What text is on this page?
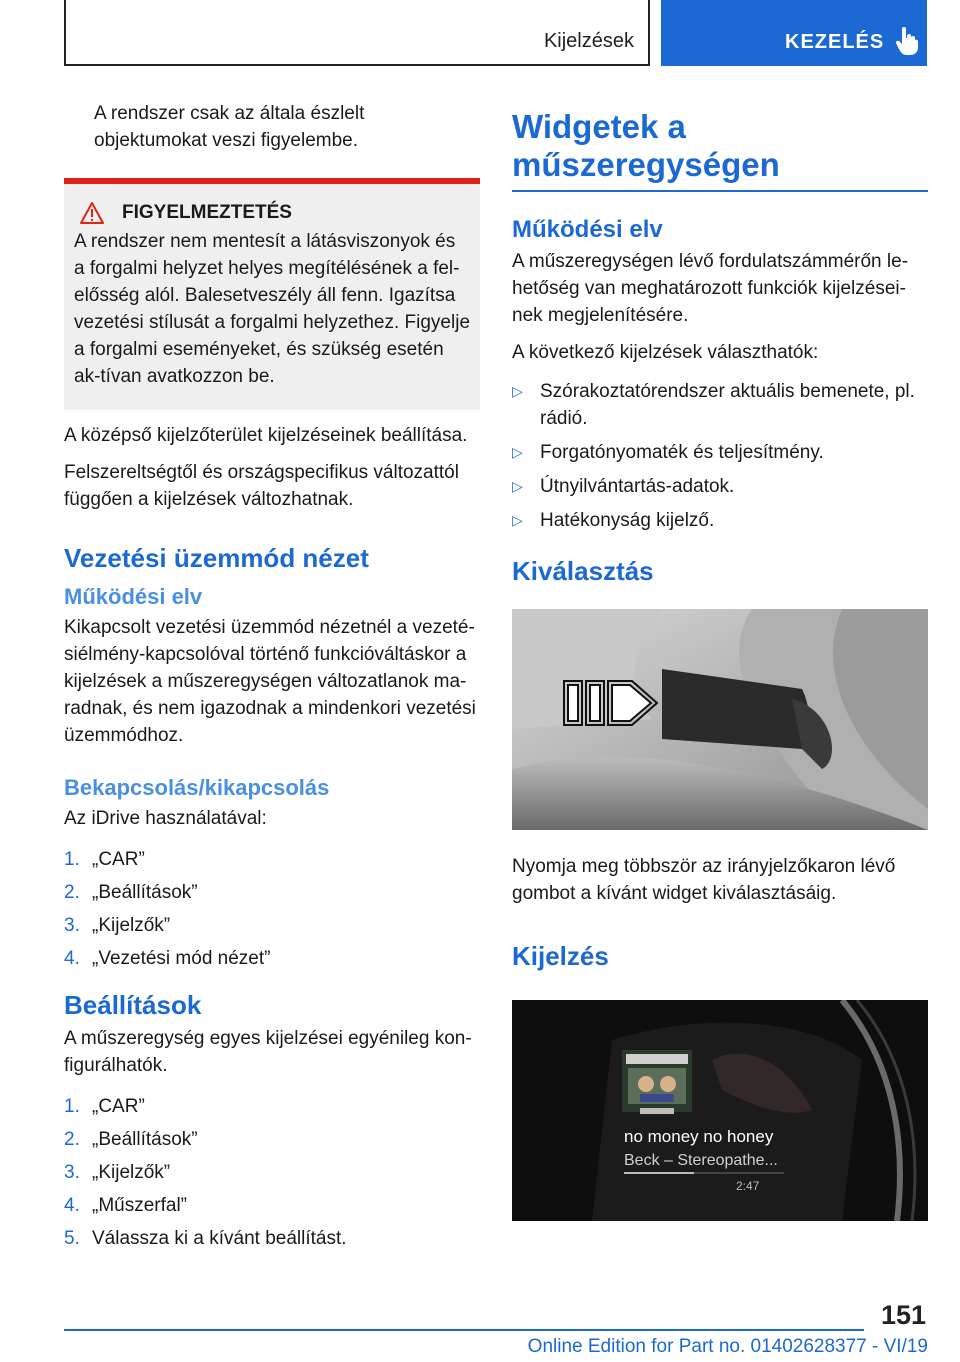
Kijelzések	KEZELÉS

A rendszer csak az általa észlelt objektumokat veszi figyelembe.

FIGYELMEZTETÉS

A rendszer nem mentesít a látásviszonyok és a forgalmi helyzet helyes megítélésének a fel‐elősség alól. Balesetveszély áll fenn. Igazítsa vezetési stílusát a forgalmi helyzethez. Figyelje a forgalmi eseményeket, és szükség esetén ak‐tívan avatkozzon be.

A középső kijelzőterület kijelzéseinek beállítása.

Felszereltségtől és országspecifikus változattól függően a kijelzések változhatnak.

Vezetési üzemmód nézet
Működési elv

Kikapcsolt vezetési üzemmód nézetnél a vezeté‐siélmény-kapcsolóval történő funkcióváltáskor a kijelzések a műszeregységen változatlanok ma‐radnak, és nem igazodnak a mindenkori vezetési üzemmódhoz.

Bekapcsolás/kikapcsolás

Az iDrive használatával:

1. „CAR”
2. „Beállítások”
3. „Kijelzők”
4. „Vezetési mód nézet”
Beállítások

A műszeregység egyes kijelzései egyénileg kon‐figurálhatók.

1. „CAR”
2. „Beállítások”
3. „Kijelzők”
4. „Műszerfal”
5. Válassza ki a kívánt beállítást.
Widgetek a
műszeregységen
Működési elv

A műszeregységen lévő fordulatszámmérőn le‐hetőség van meghatározott funkciók kijelzései‐nek megjelenítésére.

A következő kijelzések választhatók:

▷ Szórakoztatórendszer aktuális bemenete, pl. rádió.
▷ Forgatónyomaték és teljesítmény.
▷ Útnyilvántartás-adatok.
▷ Hatékonyság kijelző.
Kiválasztás

Nyomja meg többször az irányjelzőkaron lévő gombot a kívánt widget kiválasztásáig.

Kijelzés
no money no honey
Beck – Stereopathe...
2:47
151
Online Edition for Part no. 01402628377 - VI/19
